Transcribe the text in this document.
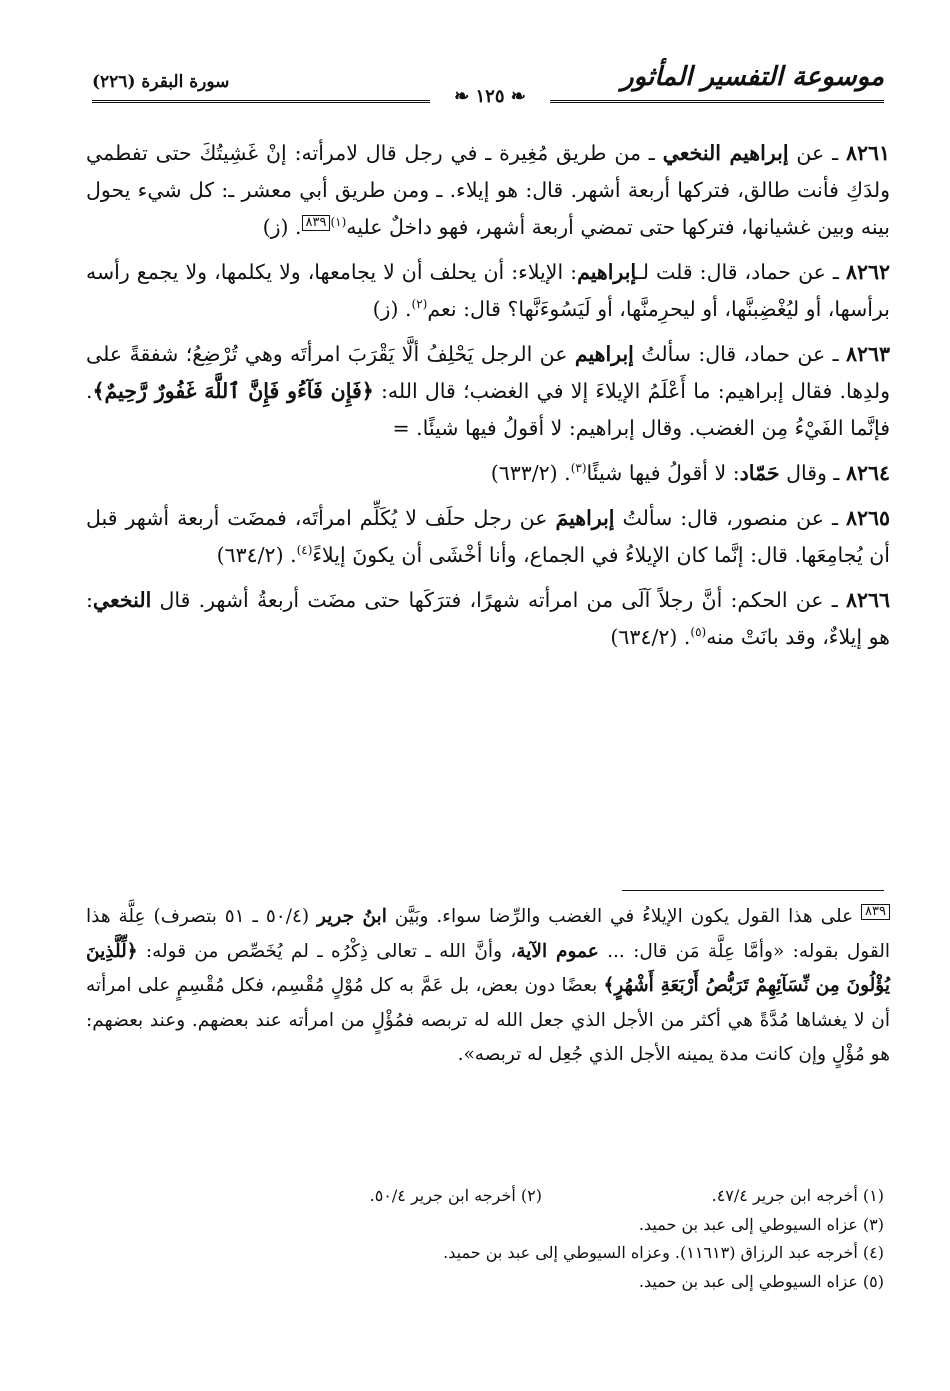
موسوعة التفسير المأثور
سورة البقرة (٢٢٦)
❧ ١٢٥ ❧

٨٢٦١ ـ عن إبراهيم النخعي ـ من طريق مُغِيرة ـ في رجل قال لامرأته: إنْ غَشِيتُكَ حتى تفطمي ولدَكِ فأنت طالق، فتركها أربعة أشهر. قال: هو إيلاء. ـ ومن طريق أبي معشر ـ: كل شيء يحول بينه وبين غشيانها، فتركها حتى تمضي أربعة أشهر، فهو داخلٌ عليه$^{(١)}$٨٣٩. (ز)

٨٢٦٢ ـ عن حماد، قال: قلت لـإبراهيم: الإيلاء: أن يحلف أن لا يجامعها، ولا يكلمها، ولا يجمع رأسه برأسها، أو ليُغْضِبنَّها، أو ليحرِمنَّها، أو لَيَسُوءَنَّها؟ قال: نعم$^{(٢)}$. (ز)

٨٢٦٣ ـ عن حماد، قال: سألتُ إبراهيم عن الرجل يَحْلِفُ ألَّا يَقْرَبَ امرأتَه وهي تُرْضِعُ؛ شفقةً على ولدِها. فقال إبراهيم: ما أَعْلَمُ الإيلاءَ إلا في الغضب؛ قال الله: ﴿فَإِن فَآءُو فَإِنَّ ٱللَّهَ غَفُورٌ رَّحِيمٌ﴾. فإنَّما الفَيْءُ مِن الغضب. وقال إبراهيم: لا أقولُ فيها شيئًا. =

٨٢٦٤ ـ وقال حَمّاد: لا أقولُ فيها شيئًا$^{(٣)}$. (٦٣٣/٢)

٨٢٦٥ ـ عن منصور، قال: سألتُ إبراهيمَ عن رجل حلَف لا يُكَلِّم امرأتَه، فمضَت أربعة أشهر قبل أن يُجامِعَها. قال: إنَّما كان الإيلاءُ في الجماع، وأنا أخْشَى أن يكونَ إيلاءً$^{(٤)}$. (٦٣٤/٢)

٨٢٦٦ ـ عن الحكم: أنَّ رجلاً آلَى من امرأته شهرًا، فترَكَها حتى مضَت أربعةُ أشهر. قال النخعي: هو إيلاءٌ، وقد بانَتْ منه$^{(٥)}$. (٦٣٤/٢)

٨٣٩ على هذا القول يكون الإيلاءُ في الغضب والرِّضا سواء. وبَيَّن ابنُ جرير (٥٠/٤ ـ ٥١ بتصرف) عِلَّة هذا القول بقوله: «وأمَّا عِلَّة مَن قال: ... عموم الآية، وأنَّ الله ـ تعالى ذِكْرُه ـ لم يُخَصِّص من قوله: ﴿لِّلَّذِينَ يُؤْلُونَ مِن نِّسَآئِهِمْ تَرَبُّصُ أَرْبَعَةِ أَشْهُرٍ﴾ بعضًا دون بعض، بل عَمَّ به كل مُوْلٍ مُقْسِم، فكل مُقْسِمٍ على امرأته أن لا يغشاها مُدَّةً هي أكثر من الأجل الذي جعل الله له تربصه فمُؤْلٍ من امرأته عند بعضهم. وعند بعضهم: هو مُؤْلٍ وإن كانت مدة يمينه الأجل الذي جُعِل له تربصه».
(١) أخرجه ابن جرير ٤٧/٤.
(٢) أخرجه ابن جرير ٥٠/٤.
(٣) عزاه السيوطي إلى عبد بن حميد.
(٤) أخرجه عبد الرزاق (١١٦١٣). وعزاه السيوطي إلى عبد بن حميد.
(٥) عزاه السيوطي إلى عبد بن حميد.
